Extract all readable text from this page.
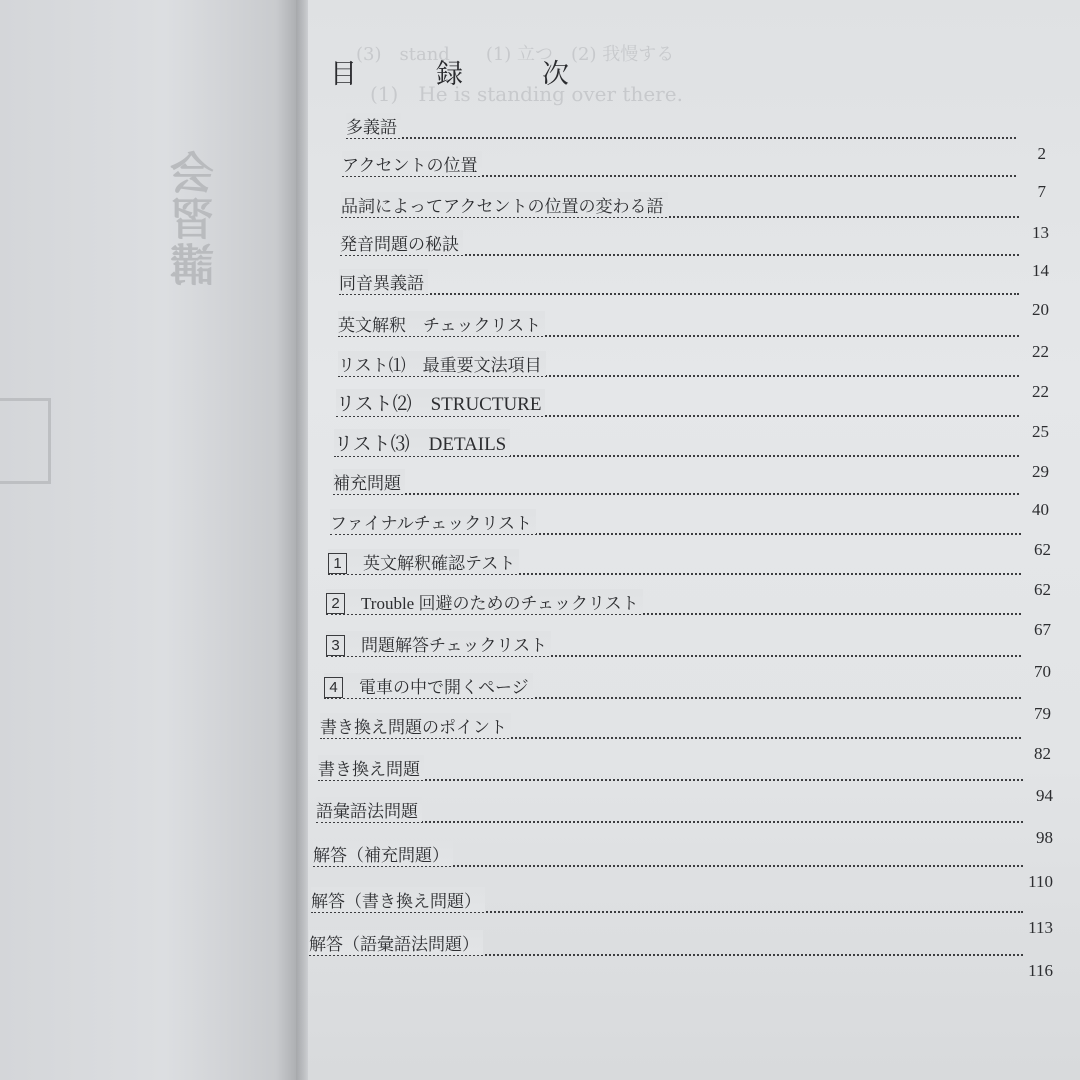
会習講
(3)　stand　　(1) 立つ　(2) 我慢する
(1)　He is standing over there.
目　録　次
多義語
2
アクセントの位置
7
品詞によってアクセントの位置の変わる語
13
発音問題の秘訣
14
同音異義語
20
英文解釈　チェックリスト
22
リスト⑴　最重要文法項目
22
リスト⑵　STRUCTURE
25
リスト⑶　DETAILS
29
補充問題
40
ファイナルチェックリスト
62
1 英文解釈確認テスト
62
2 Trouble 回避のためのチェックリスト
67
3 問題解答チェックリスト
70
4 電車の中で開くページ
79
書き換え問題のポイント
82
書き換え問題
94
語彙語法問題
98
解答（補充問題）
110
解答（書き換え問題）
113
解答（語彙語法問題）
116
